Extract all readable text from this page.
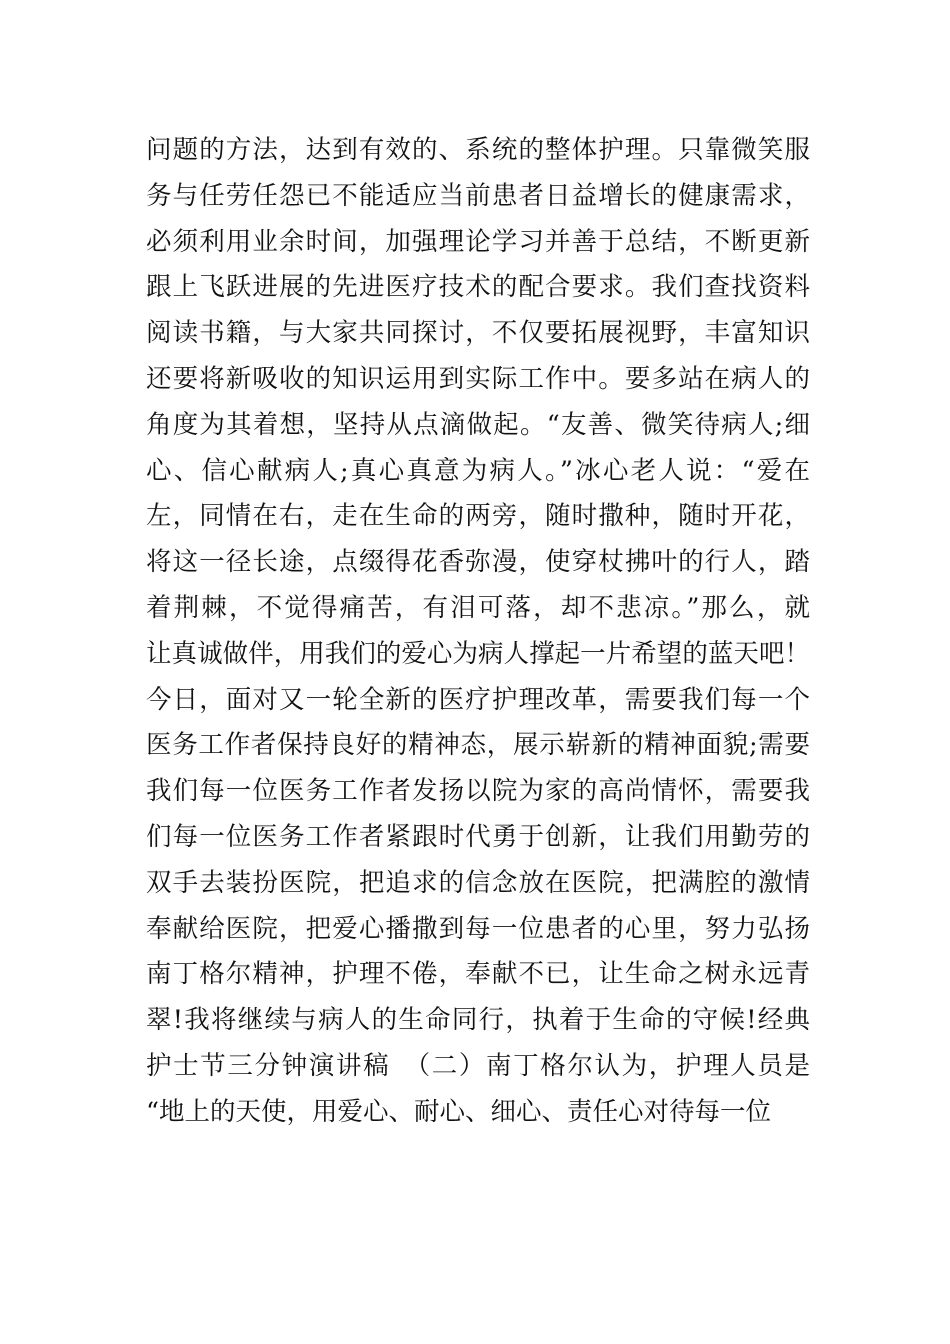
问题的方法，达到有效的、系统的整体护理。只靠微笑服
务与任劳任怨已不能适应当前患者日益增长的健康需求，
必须利用业余时间，加强理论学习并善于总结，不断更新
跟上飞跃进展的先进医疗技术的配合要求。我们查找资料
阅读书籍，与大家共同探讨，不仅要拓展视野，丰富知识
还要将新吸收的知识运用到实际工作中。要多站在病人的
角度为其着想，坚持从点滴做起。“友善、微笑待病人;细
心、信心献病人;真心真意为病人。”冰心老人说：“爱在
左，同情在右，走在生命的两旁，随时撒种，随时开花，
将这一径长途，点缀得花香弥漫，使穿杖拂叶的行人，踏
着荆棘，不觉得痛苦，有泪可落，却不悲凉。”那么，就
让真诚做伴，用我们的爱心为病人撑起一片希望的蓝天吧！
今日，面对又一轮全新的医疗护理改革，需要我们每一个
医务工作者保持良好的精神态，展示崭新的精神面貌;需要
我们每一位医务工作者发扬以院为家的高尚情怀，需要我
们每一位医务工作者紧跟时代勇于创新，让我们用勤劳的
双手去装扮医院，把追求的信念放在医院，把满腔的激情
奉献给医院，把爱心播撒到每一位患者的心里，努力弘扬
南丁格尔精神，护理不倦，奉献不已，让生命之树永远青
翠!我将继续与病人的生命同行，执着于生命的守候!经典
护士节三分钟演讲稿　（二）南丁格尔认为，护理人员是
“地上的天使，用爱心、耐心、细心、责任心对待每一位
